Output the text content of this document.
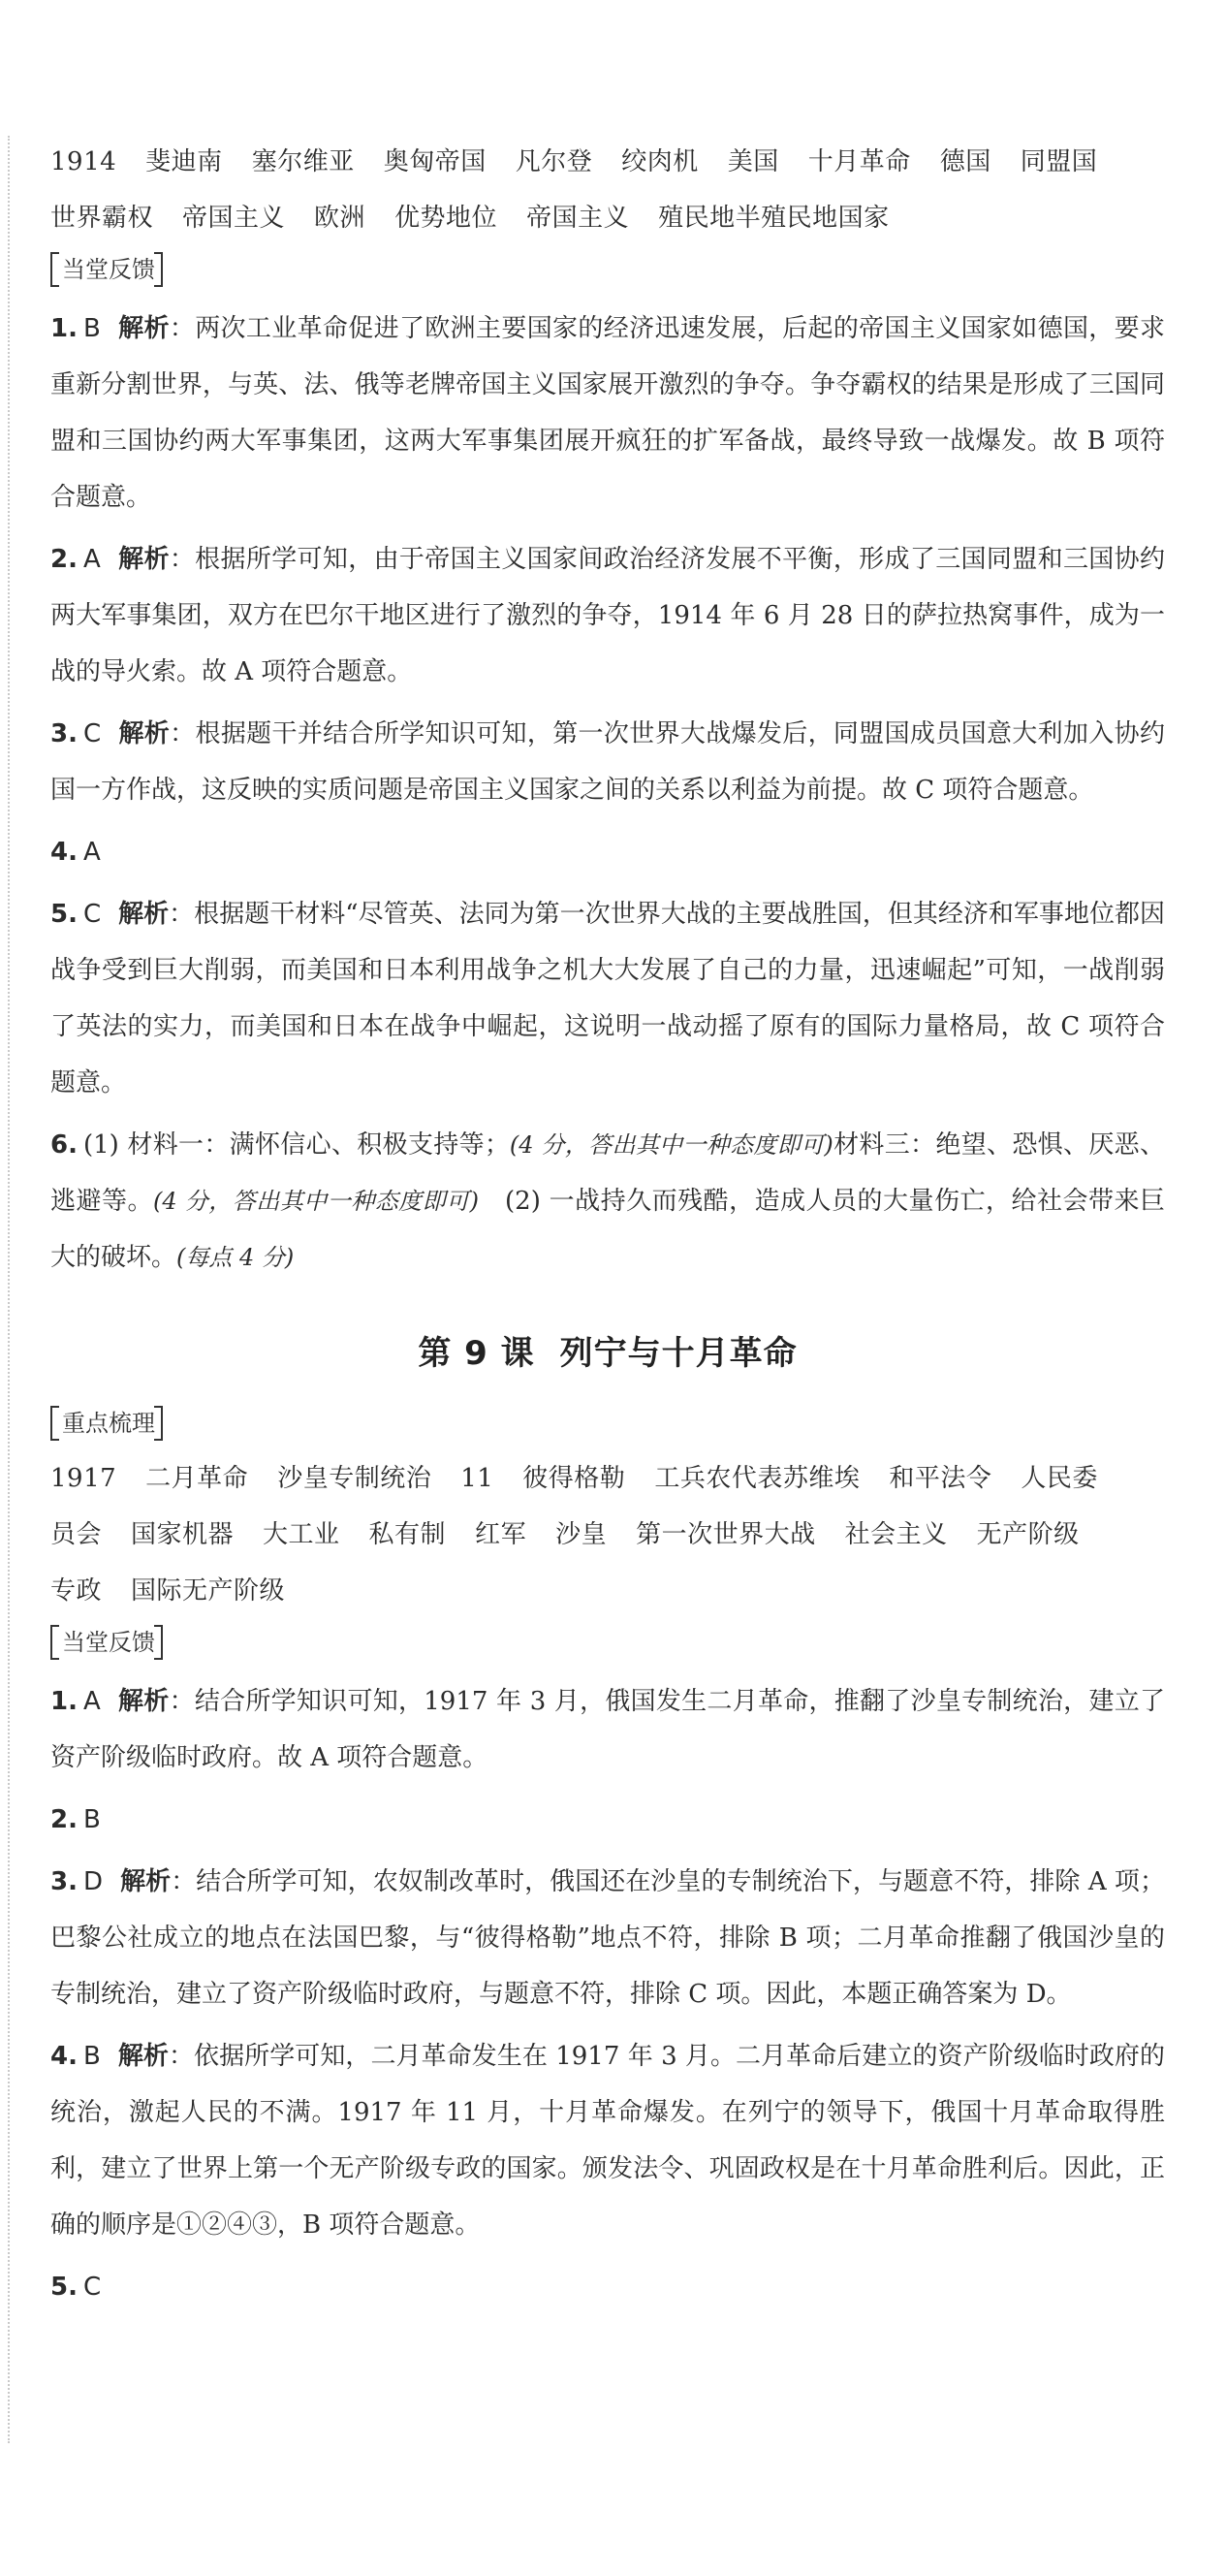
1914 斐迪南 塞尔维亚 奥匈帝国 凡尔登 绞肉机 美国 十月革命 德国 同盟国
世界霸权 帝国主义 欧洲 优势地位 帝国主义 殖民地半殖民地国家
当堂反馈
1. B 解析：两次工业革命促进了欧洲主要国家的经济迅速发展，后起的帝国主义国家如德国，要求重新分割世界，与英、法、俄等老牌帝国主义国家展开激烈的争夺。争夺霸权的结果是形成了三国同盟和三国协约两大军事集团，这两大军事集团展开疯狂的扩军备战，最终导致一战爆发。故 B 项符合题意。
2. A 解析：根据所学可知，由于帝国主义国家间政治经济发展不平衡，形成了三国同盟和三国协约两大军事集团，双方在巴尔干地区进行了激烈的争夺，1914 年 6 月 28 日的萨拉热窝事件，成为一战的导火索。故 A 项符合题意。
3. C 解析：根据题干并结合所学知识可知，第一次世界大战爆发后，同盟国成员国意大利加入协约国一方作战，这反映的实质问题是帝国主义国家之间的关系以利益为前提。故 C 项符合题意。
4. A
5. C 解析：根据题干材料“尽管英、法同为第一次世界大战的主要战胜国，但其经济和军事地位都因战争受到巨大削弱，而美国和日本利用战争之机大大发展了自己的力量，迅速崛起”可知，一战削弱了英法的实力，而美国和日本在战争中崛起，这说明一战动摇了原有的国际力量格局，故 C 项符合题意。
6. (1) 材料一：满怀信心、积极支持等；(4 分，答出其中一种态度即可)材料三：绝望、恐惧、厌恶、逃避等。(4 分，答出其中一种态度即可)　 (2) 一战持久而残酷，造成人员的大量伤亡，给社会带来巨大的破坏。(每点 4 分)
第 9 课 列宁与十月革命
重点梳理
1917 二月革命 沙皇专制统治 11 彼得格勒 工兵农代表苏维埃 和平法令 人民委
员会 国家机器 大工业 私有制 红军 沙皇 第一次世界大战 社会主义 无产阶级
专政 国际无产阶级
当堂反馈
1. A 解析：结合所学知识可知，1917 年 3 月，俄国发生二月革命，推翻了沙皇专制统治，建立了资产阶级临时政府。故 A 项符合题意。
2. B
3. D 解析：结合所学可知，农奴制改革时，俄国还在沙皇的专制统治下，与题意不符，排除 A 项；巴黎公社成立的地点在法国巴黎，与“彼得格勒”地点不符，排除 B 项；二月革命推翻了俄国沙皇的专制统治，建立了资产阶级临时政府，与题意不符，排除 C 项。因此，本题正确答案为 D。
4. B 解析：依据所学可知，二月革命发生在 1917 年 3 月。二月革命后建立的资产阶级临时政府的统治，激起人民的不满。1917 年 11 月，十月革命爆发。在列宁的领导下，俄国十月革命取得胜利，建立了世界上第一个无产阶级专政的国家。颁发法令、巩固政权是在十月革命胜利后。因此，正确的顺序是①②④③，B 项符合题意。
5. C
